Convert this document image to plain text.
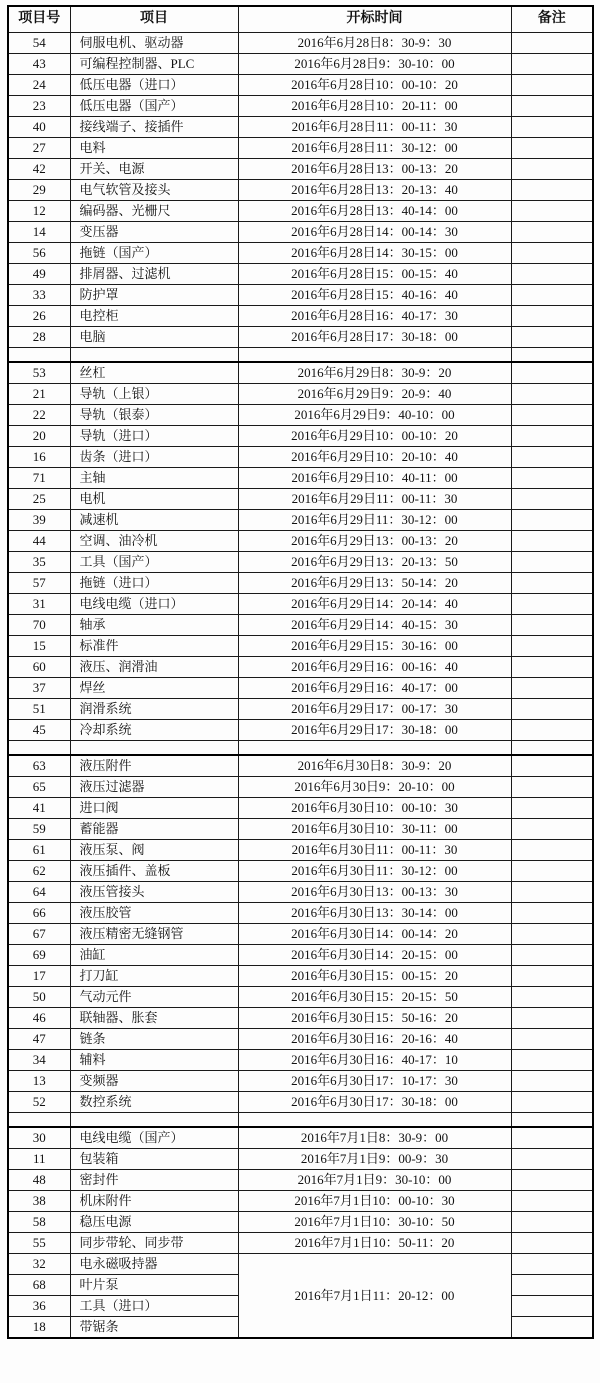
项目号	项目	开标时间	备注
54	伺服电机、驱动器	2016年6月28日8：30-9：30	
43	可编程控制器、PLC	2016年6月28日9：30-10：00	
24	低压电器（进口）	2016年6月28日10：00-10：20	
23	低压电器（国产）	2016年6月28日10：20-11：00	
40	接线端子、接插件	2016年6月28日11：00-11：30	
27	电料	2016年6月28日11：30-12：00	
42	开关、电源	2016年6月28日13：00-13：20	
29	电气软管及接头	2016年6月28日13：20-13：40	
12	编码器、光栅尺	2016年6月28日13：40-14：00	
14	变压器	2016年6月28日14：00-14：30	
56	拖链（国产）	2016年6月28日14：30-15：00	
49	排屑器、过滤机	2016年6月28日15：00-15：40	
33	防护罩	2016年6月28日15：40-16：40	
26	电控柜	2016年6月28日16：40-17：30	
28	电脑	2016年6月28日17：30-18：00	

53	丝杠	2016年6月29日8：30-9：20	
21	导轨（上银）	2016年6月29日9：20-9：40	
22	导轨（银泰）	2016年6月29日9：40-10：00	
20	导轨（进口）	2016年6月29日10：00-10：20	
16	齿条（进口）	2016年6月29日10：20-10：40	
71	主轴	2016年6月29日10：40-11：00	
25	电机	2016年6月29日11：00-11：30	
39	减速机	2016年6月29日11：30-12：00	
44	空调、油冷机	2016年6月29日13：00-13：20	
35	工具（国产）	2016年6月29日13：20-13：50	
57	拖链（进口）	2016年6月29日13：50-14：20	
31	电线电缆（进口）	2016年6月29日14：20-14：40	
70	轴承	2016年6月29日14：40-15：30	
15	标准件	2016年6月29日15：30-16：00	
60	液压、润滑油	2016年6月29日16：00-16：40	
37	焊丝	2016年6月29日16：40-17：00	
51	润滑系统	2016年6月29日17：00-17：30	
45	冷却系统	2016年6月29日17：30-18：00	

63	液压附件	2016年6月30日8：30-9：20	
65	液压过滤器	2016年6月30日9：20-10：00	
41	进口阀	2016年6月30日10：00-10：30	
59	蓄能器	2016年6月30日10：30-11：00	
61	液压泵、阀	2016年6月30日11：00-11：30	
62	液压插件、盖板	2016年6月30日11：30-12：00	
64	液压管接头	2016年6月30日13：00-13：30	
66	液压胶管	2016年6月30日13：30-14：00	
67	液压精密无缝钢管	2016年6月30日14：00-14：20	
69	油缸	2016年6月30日14：20-15：00	
17	打刀缸	2016年6月30日15：00-15：20	
50	气动元件	2016年6月30日15：20-15：50	
46	联轴器、胀套	2016年6月30日15：50-16：20	
47	链条	2016年6月30日16：20-16：40	
34	辅料	2016年6月30日16：40-17：10	
13	变频器	2016年6月30日17：10-17：30	
52	数控系统	2016年6月30日17：30-18：00	

30	电线电缆（国产）	2016年7月1日8：30-9：00	
11	包装箱	2016年7月1日9：00-9：30	
48	密封件	2016年7月1日9：30-10：00	
38	机床附件	2016年7月1日10：00-10：30	
58	稳压电源	2016年7月1日10：30-10：50	
55	同步带轮、同步带	2016年7月1日10：50-11：20	
32	电永磁吸持器	2016年7月1日11：20-12：00	
68	叶片泵		
36	工具（进口）		
18	带锯条		
